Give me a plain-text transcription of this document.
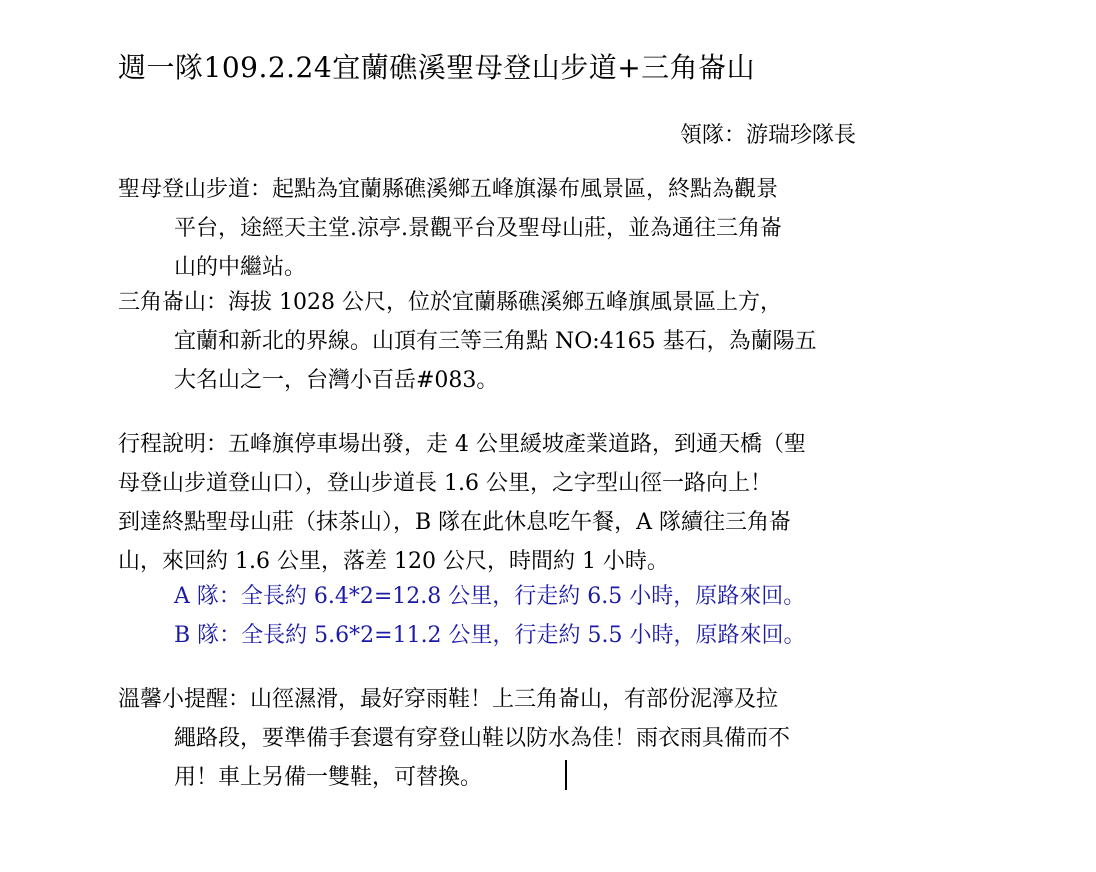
週一隊109.2.24宜蘭礁溪聖母登山步道+三角崙山
領隊：游瑞珍隊長
聖母登山步道：起點為宜蘭縣礁溪鄉五峰旗瀑布風景區，終點為觀景
平台，途經天主堂.涼亭.景觀平台及聖母山莊，並為通往三角崙
山的中繼站。
三角崙山：海拔 1028 公尺，位於宜蘭縣礁溪鄉五峰旗風景區上方，
宜蘭和新北的界線。山頂有三等三角點 NO:4165 基石，為蘭陽五
大名山之一，台灣小百岳#083。
行程說明：五峰旗停車場出發，走 4 公里緩坡產業道路，到通天橋（聖
母登山步道登山口），登山步道長 1.6 公里，之字型山徑一路向上！
到達終點聖母山莊（抹茶山），B 隊在此休息吃午餐，A 隊續往三角崙
山，來回約 1.6 公里，落差 120 公尺，時間約 1 小時。
A 隊：全長約 6.4*2=12.8 公里，行走約 6.5 小時，原路來回。
B 隊：全長約 5.6*2=11.2 公里，行走約 5.5 小時，原路來回。
溫馨小提醒：山徑濕滑，最好穿雨鞋！上三角崙山，有部份泥濘及拉
繩路段，要準備手套還有穿登山鞋以防水為佳！雨衣雨具備而不
用！車上另備一雙鞋，可替換。
